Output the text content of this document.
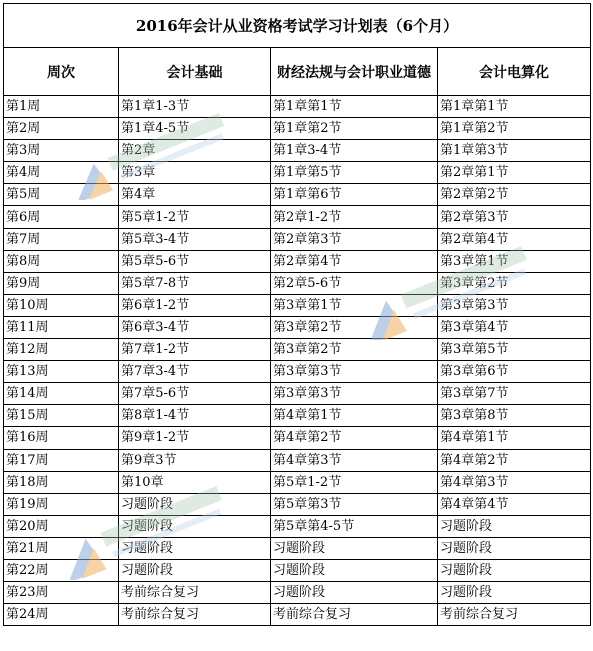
2016年会计从业资格考试学习计划表（6个月）			
周次	会计基础	财经法规与会计职业道德	会计电算化
第1周	第1章1-3节	第1章第1节	第1章第1节
第2周	第1章4-5节	第1章第2节	第1章第2节
第3周	第2章	第1章3-4节	第1章第3节
第4周	第3章	第1章第5节	第2章第1节
第5周	第4章	第1章第6节	第2章第2节
第6周	第5章1-2节	第2章1-2节	第2章第3节
第7周	第5章3-4节	第2章第3节	第2章第4节
第8周	第5章5-6节	第2章第4节	第3章第1节
第9周	第5章7-8节	第2章5-6节	第3章第2节
第10周	第6章1-2节	第3章第1节	第3章第3节
第11周	第6章3-4节	第3章第2节	第3章第4节
第12周	第7章1-2节	第3章第2节	第3章第5节
第13周	第7章3-4节	第3章第3节	第3章第6节
第14周	第7章5-6节	第3章第3节	第3章第7节
第15周	第8章1-4节	第4章第1节	第3章第8节
第16周	第9章1-2节	第4章第2节	第4章第1节
第17周	第9章3节	第4章第3节	第4章第2节
第18周	第10章	第5章1-2节	第4章第3节
第19周	习题阶段	第5章第3节	第4章第4节
第20周	习题阶段	第5章第4-5节	习题阶段
第21周	习题阶段	习题阶段	习题阶段
第22周	习题阶段	习题阶段	习题阶段
第23周	考前综合复习	习题阶段	习题阶段
第24周	考前综合复习	考前综合复习	考前综合复习
